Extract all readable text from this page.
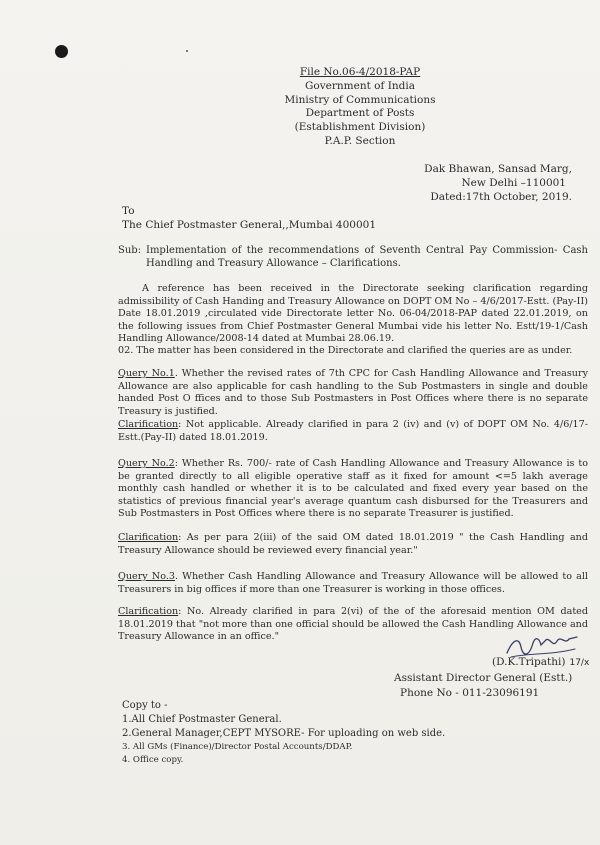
File No.06-4/2018-PAP
Government of India
Ministry of Communications
Department of Posts
(Establishment Division)
P.A.P. Section
Dak Bhawan, Sansad Marg,
New Delhi –110001
Dated:17th October, 2019.
To
The Chief Postmaster General,,Mumbai 400001
Sub: Implementation of the recommendations of Seventh Central Pay Commission- Cash Handling and Treasury Allowance – Clarifications.
A reference has been received in the Directorate seeking clarification regarding admissibility of Cash Handing and Treasury Allowance on DOPT OM No – 4/6/2017-Estt. (Pay-II) Date 18.01.2019 ,circulated vide Directorate letter No. 06-04/2018-PAP dated 22.01.2019, on the following issues from Chief Postmaster General Mumbai vide his letter No. Estt/19-1/Cash Handling Allowance/2008-14 dated at Mumbai 28.06.19.
02. The matter has been considered in the Directorate and clarified the queries are as under.
Query No.1. Whether the revised rates of 7th CPC for Cash Handling Allowance and Treasury Allowance are also applicable for cash handling to the Sub Postmasters in single and double handed Post O ffices and to those Sub Postmasters in Post Offices where there is no separate Treasury is justified.
Clarification: Not applicable. Already clarified in para 2 (iv) and (v) of DOPT OM No. 4/6/17-Estt.(Pay-II) dated 18.01.2019.
Query No.2: Whether Rs. 700/- rate of Cash Handling Allowance and Treasury Allowance is to be granted directly to all eligible operative staff as it fixed for amount <=5 lakh average monthly cash handled or whether it is to be calculated and fixed every year based on the statistics of previous financial year's average quantum cash disbursed for the Treasurers and Sub Postmasters in Post Offices where there is no separate Treasurer is justified.
Clarification: As per para 2(iii) of the said OM dated 18.01.2019 " the Cash Handling and Treasury Allowance should be reviewed every financial year."
Query No.3. Whether Cash Handling Allowance and Treasury Allowance will be allowed to all Treasurers in big offices if more than one Treasurer is working in those offices.
Clarification: No. Already clarified in para 2(vi) of the of the aforesaid mention OM dated 18.01.2019 that "not more than one official should be allowed the Cash Handling Allowance and Treasury Allowance in an office."
(D.K.Tripathi) 17/x
Assistant Director General (Estt.)
Phone No - 011-23096191
Copy to -
1.All Chief Postmaster General.
2.General Manager,CEPT MYSORE- For uploading on web side.
3. All GMs (Finance)/Director Postal Accounts/DDAP.
4. Office copy.
